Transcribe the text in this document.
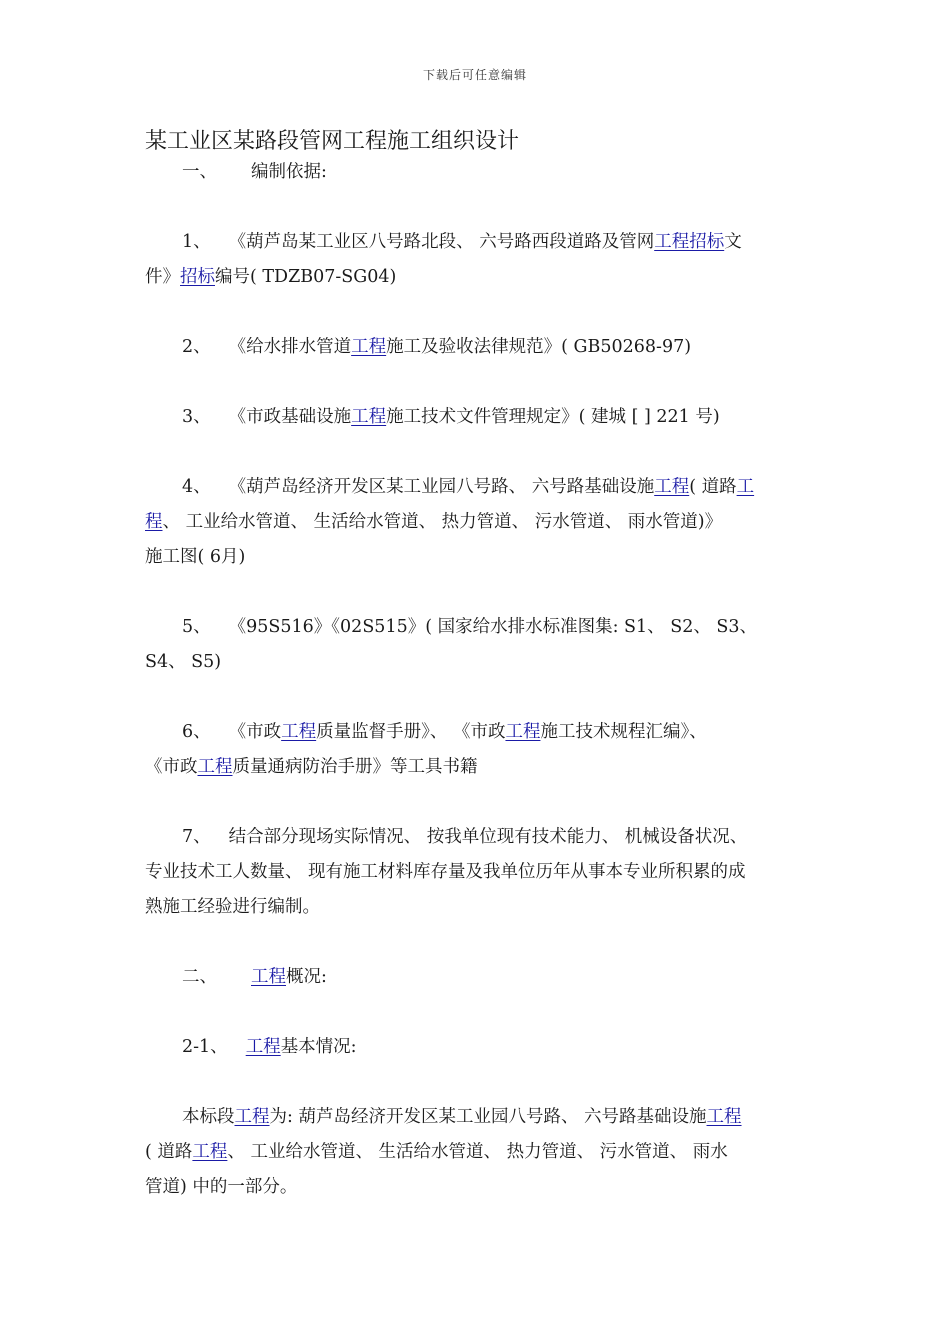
下载后可任意编辑
某工业区某路段管网工程施工组织设计
一、 编制依据:
1、 《葫芦岛某工业区八号路北段、 六号路西段道路及管网工程招标文
件》招标编号( TDZB07-SG04)
2、 《给水排水管道工程施工及验收法律规范》( GB50268-97)
3、 《市政基础设施工程施工技术文件管理规定》( 建城 [ ] 221 号)
4、 《葫芦岛经济开发区某工业园八号路、 六号路基础设施工程( 道路工
程、 工业给水管道、 生活给水管道、 热力管道、 污水管道、 雨水管道)》
施工图( 6月)
5、 《95S516》《02S515》( 国家给水排水标准图集: S1、 S2、 S3、
S4、 S5)
6、 《市政工程质量监督手册》、 《市政工程施工技术规程汇编》、
《市政工程质量通病防治手册》等工具书籍
7、 结合部分现场实际情况、 按我单位现有技术能力、 机械设备状况、
专业技术工人数量、 现有施工材料库存量及我单位历年从事本专业所积累的成
熟施工经验进行编制。
二、 工程概况:
2-1、 工程基本情况:
本标段工程为: 葫芦岛经济开发区某工业园八号路、 六号路基础设施工程
( 道路工程、 工业给水管道、 生活给水管道、 热力管道、 污水管道、 雨水
管道) 中的一部分。
